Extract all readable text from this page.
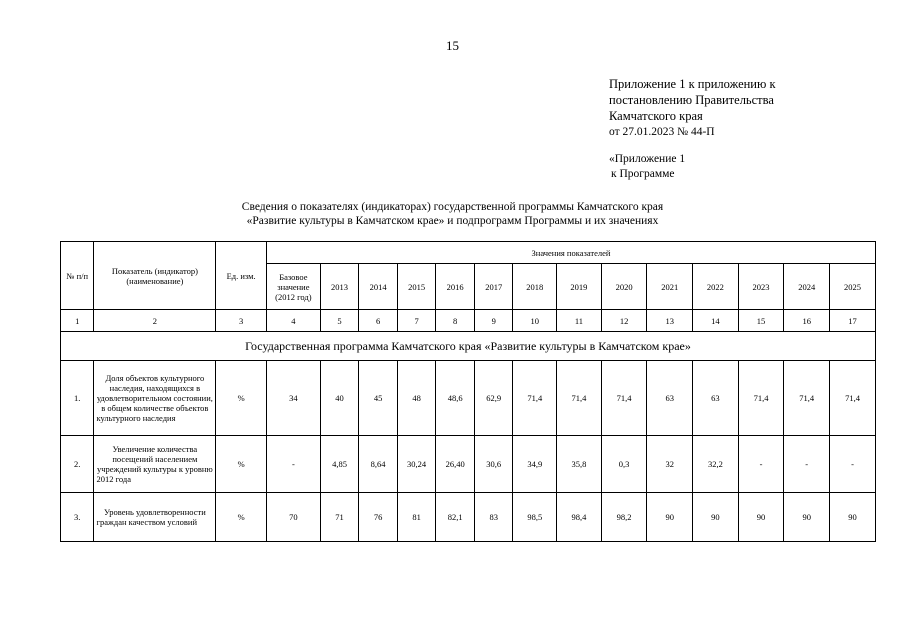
15
Приложение 1 к приложению к
постановлению Правительства
Камчатского края
от 27.01.2023 № 44-П
«Приложение 1
к Программе
Сведения о показателях (индикаторах) государственной программы Камчатского края
«Развитие культуры в Камчатском крае» и подпрограмм Программы и их значениях
№ п/п	Показатель (индикатор) (наименование)	Ед. изм.	Значения показателей													
			Базовое значение (2012 год)	2013	2014	2015	2016	2017	2018	2019	2020	2021	2022	2023	2024	2025
1	2	3	4	5	6	7	8	9	10	11	12	13	14	15	16	17
Государственная программа Камчатского края «Развитие культуры в Камчатском крае»																
1.	Доля объектов культурного наследия, находящихся в удовлетворительном состоянии, в общем количестве объектов культурного наследия	%	34	40	45	48	48,6	62,9	71,4	71,4	71,4	63	63	71,4	71,4	71,4
2.	Увеличение количества посещений населением учреждений культуры к уровню 2012 года	%	-	4,85	8,64	30,24	26,40	30,6	34,9	35,8	0,3	32	32,2	-	-	-
3.	Уровень удовлетворенности граждан качеством условий	%	70	71	76	81	82,1	83	98,5	98,4	98,2	90	90	90	90	90
